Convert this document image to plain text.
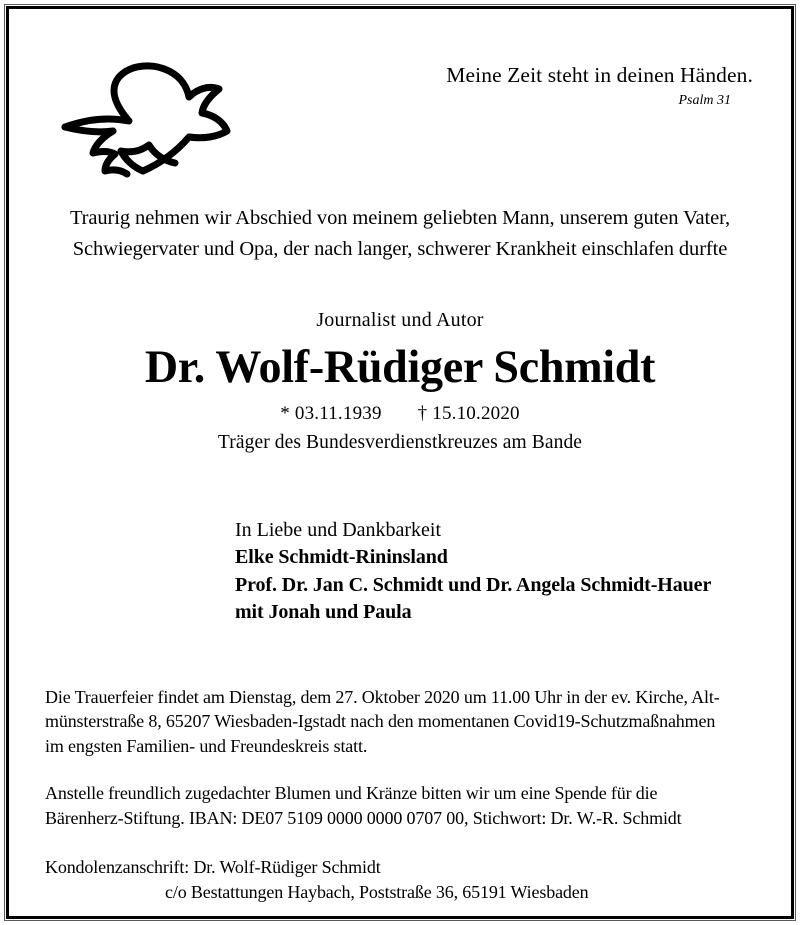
Meine Zeit steht in deinen Händen.
Psalm 31
Traurig nehmen wir Abschied von meinem geliebten Mann, unserem guten Vater,
Schwiegervater und Opa, der nach langer, schwerer Krankheit einschlafen durfte
Journalist und Autor
Dr. Wolf-Rüdiger Schmidt
* 03.11.1939 † 15.10.2020
Träger des Bundesverdienstkreuzes am Bande
In Liebe und Dankbarkeit
Elke Schmidt-Rininsland
Prof. Dr. Jan C. Schmidt und Dr. Angela Schmidt-Hauer
mit Jonah und Paula

Die Trauerfeier findet am Dienstag, dem 27. Oktober 2020 um 11.00 Uhr in der ev. Kirche, Alt- münsterstraße 8, 65207 Wiesbaden-Igstadt nach den momentanen Covid19-Schutzmaßnahmen im engsten Familien- und Freundeskreis statt.

Anstelle freundlich zugedachter Blumen und Kränze bitten wir um eine Spende für die Bärenherz-Stiftung. IBAN: DE07 5109 0000 0000 0707 00, Stichwort: Dr. W.-R. Schmidt

Kondolenzanschrift: Dr. Wolf-Rüdiger Schmidt
c/o Bestattungen Haybach, Poststraße 36, 65191 Wiesbaden
